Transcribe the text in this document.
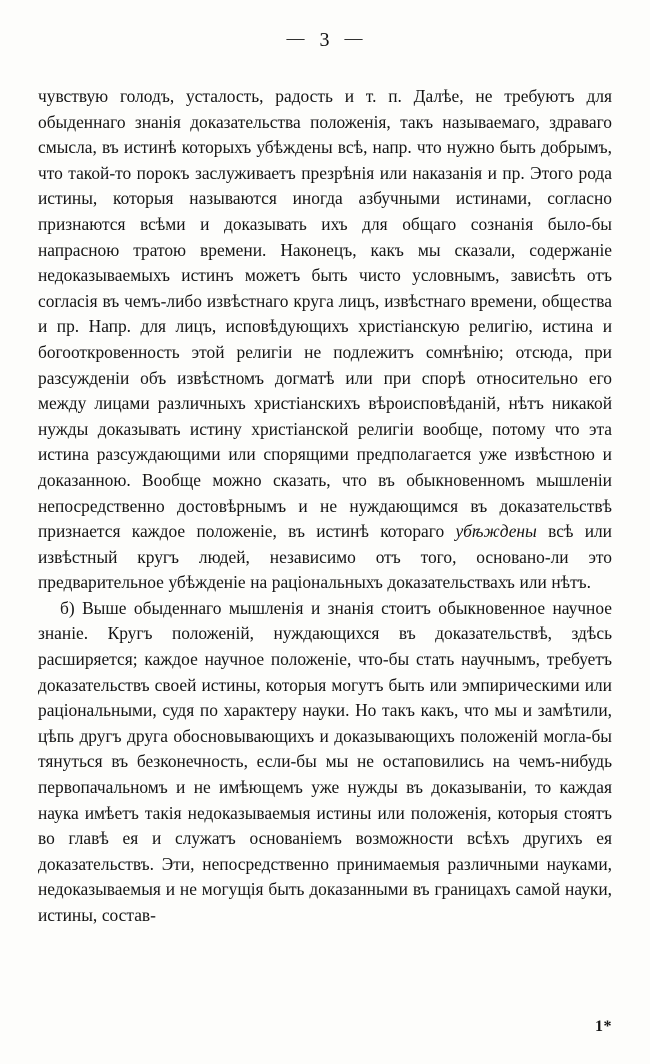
— 3 —

чувствую голодъ, усталость, радость и т. п. Далѣе, не требуютъ для обыденнаго знанія доказательства положенія, такъ называемаго, здраваго смысла, въ истинѣ которыхъ убѣждены всѣ, напр. что нужно быть добрымъ, что такой-то порокъ заслуживаетъ презрѣнія или наказанія и пр. Этого рода истины, которыя называются иногда азбучными истинами, согласно признаются всѣми и доказывать ихъ для общаго сознанія было-бы напрасною тратою времени. Наконецъ, какъ мы сказали, содержаніе недоказываемыхъ истинъ можетъ быть чисто условнымъ, зависѣть отъ согласія въ чемъ-либо извѣстнаго круга лицъ, извѣстнаго времени, общества и пр. Напр. для лицъ, исповѣдующихъ христіанскую религію, истина и богооткровенность этой религіи не подлежитъ сомнѣнію; отсюда, при разсужденіи объ извѣстномъ догматѣ или при спорѣ относительно его между лицами различныхъ христіанскихъ вѣроисповѣданій, нѣтъ никакой нужды доказывать истину христіанской религіи вообще, потому что эта истина разсуждающими или спорящими предполагается уже извѣстною и доказанною. Вообще можно сказать, что въ обыкновенномъ мышленіи непосредственно достовѣрнымъ и не нуждающимся въ доказательствѣ признается каждое положеніе, въ истинѣ котораго убѣждены всѣ или извѣстный кругъ людей, независимо отъ того, основано-ли это предварительное убѣжденіе на раціональныхъ доказательствахъ или нѣтъ.

б) Выше обыденнаго мышленія и знанія стоитъ обыкновенное научное знаніе. Кругъ положеній, нуждающихся въ доказательствѣ, здѣсь расширяется; каждое научное положеніе, что-бы стать научнымъ, требуетъ доказательствъ своей истины, которыя могутъ быть или эмпирическими или раціональными, судя по характеру науки. Но такъ какъ, что мы и замѣтили, цѣпь другъ друга обосновывающихъ и доказывающихъ положеній могла-бы тянуться въ безконечность, если-бы мы не остаповились на чемъ-нибудь первопачальномъ и не имѣющемъ уже нужды въ доказываніи, то каждая наука имѣетъ такія недоказываемыя истины или положенія, которыя стоятъ во главѣ ея и служатъ основаніемъ возможности всѣхъ другихъ ея доказательствъ. Эти, непосредственно принимаемыя различными науками, недоказываемыя и не могущія быть доказанными въ границахъ самой науки, истины, состав-

1*
